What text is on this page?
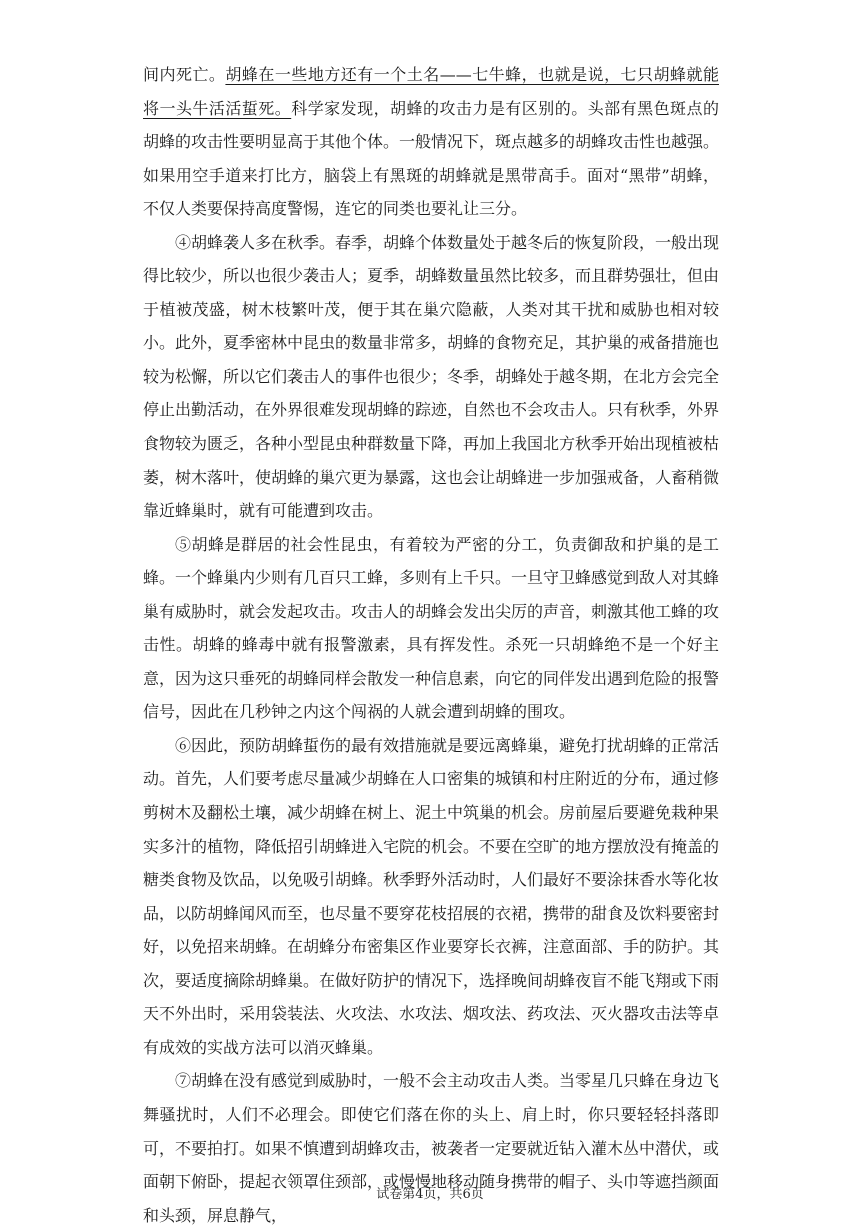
间内死亡。胡蜂在一些地方还有一个土名——七牛蜂，也就是说，七只胡蜂就能将一头牛活活蜇死。科学家发现，胡蜂的攻击力是有区别的。头部有黑色斑点的胡蜂的攻击性要明显高于其他个体。一般情况下，斑点越多的胡蜂攻击性也越强。如果用空手道来打比方，脑袋上有黑斑的胡蜂就是黑带高手。面对“黑带”胡蜂，不仅人类要保持高度警惕，连它的同类也要礼让三分。

④胡蜂袭人多在秋季。春季，胡蜂个体数量处于越冬后的恢复阶段，一般出现得比较少，所以也很少袭击人；夏季，胡蜂数量虽然比较多，而且群势强壮，但由于植被茂盛，树木枝繁叶茂，便于其在巢穴隐蔽，人类对其干扰和威胁也相对较小。此外，夏季密林中昆虫的数量非常多，胡蜂的食物充足，其护巢的戒备措施也较为松懈，所以它们袭击人的事件也很少；冬季，胡蜂处于越冬期，在北方会完全停止出勤活动，在外界很难发现胡蜂的踪迹，自然也不会攻击人。只有秋季，外界食物较为匮乏，各种小型昆虫种群数量下降，再加上我国北方秋季开始出现植被枯萎，树木落叶，使胡蜂的巢穴更为暴露，这也会让胡蜂进一步加强戒备，人畜稍微靠近蜂巢时，就有可能遭到攻击。

⑤胡蜂是群居的社会性昆虫，有着较为严密的分工，负责御敌和护巢的是工蜂。一个蜂巢内少则有几百只工蜂，多则有上千只。一旦守卫蜂感觉到敌人对其蜂巢有威胁时，就会发起攻击。攻击人的胡蜂会发出尖厉的声音，刺激其他工蜂的攻击性。胡蜂的蜂毒中就有报警激素，具有挥发性。杀死一只胡蜂绝不是一个好主意，因为这只垂死的胡蜂同样会散发一种信息素，向它的同伴发出遇到危险的报警信号，因此在几秒钟之内这个闯祸的人就会遭到胡蜂的围攻。

⑥因此，预防胡蜂蜇伤的最有效措施就是要远离蜂巢，避免打扰胡蜂的正常活动。首先，人们要考虑尽量减少胡蜂在人口密集的城镇和村庄附近的分布，通过修剪树木及翻松土壤，减少胡蜂在树上、泥土中筑巢的机会。房前屋后要避免栽种果实多汁的植物，降低招引胡蜂进入宅院的机会。不要在空旷的地方摆放没有掩盖的糖类食物及饮品，以免吸引胡蜂。秋季野外活动时，人们最好不要涂抹香水等化妆品，以防胡蜂闻风而至，也尽量不要穿花枝招展的衣裙，携带的甜食及饮料要密封好，以免招来胡蜂。在胡蜂分布密集区作业要穿长衣裤，注意面部、手的防护。其次，要适度摘除胡蜂巢。在做好防护的情况下，选择晚间胡蜂夜盲不能飞翔或下雨天不外出时，采用袋装法、火攻法、水攻法、烟攻法、药攻法、灭火器攻击法等卓有成效的实战方法可以消灭蜂巢。

⑦胡蜂在没有感觉到威胁时，一般不会主动攻击人类。当零星几只蜂在身边飞舞骚扰时，人们不必理会。即使它们落在你的头上、肩上时，你只要轻轻抖落即可，不要拍打。如果不慎遭到胡蜂攻击，被袭者一定要就近钻入灌木丛中潜伏，或面朝下俯卧，提起衣领罩住颈部，或慢慢地移动随身携带的帽子、头巾等遮挡颜面和头颈，屏息静气，

试卷第4页，共6页
